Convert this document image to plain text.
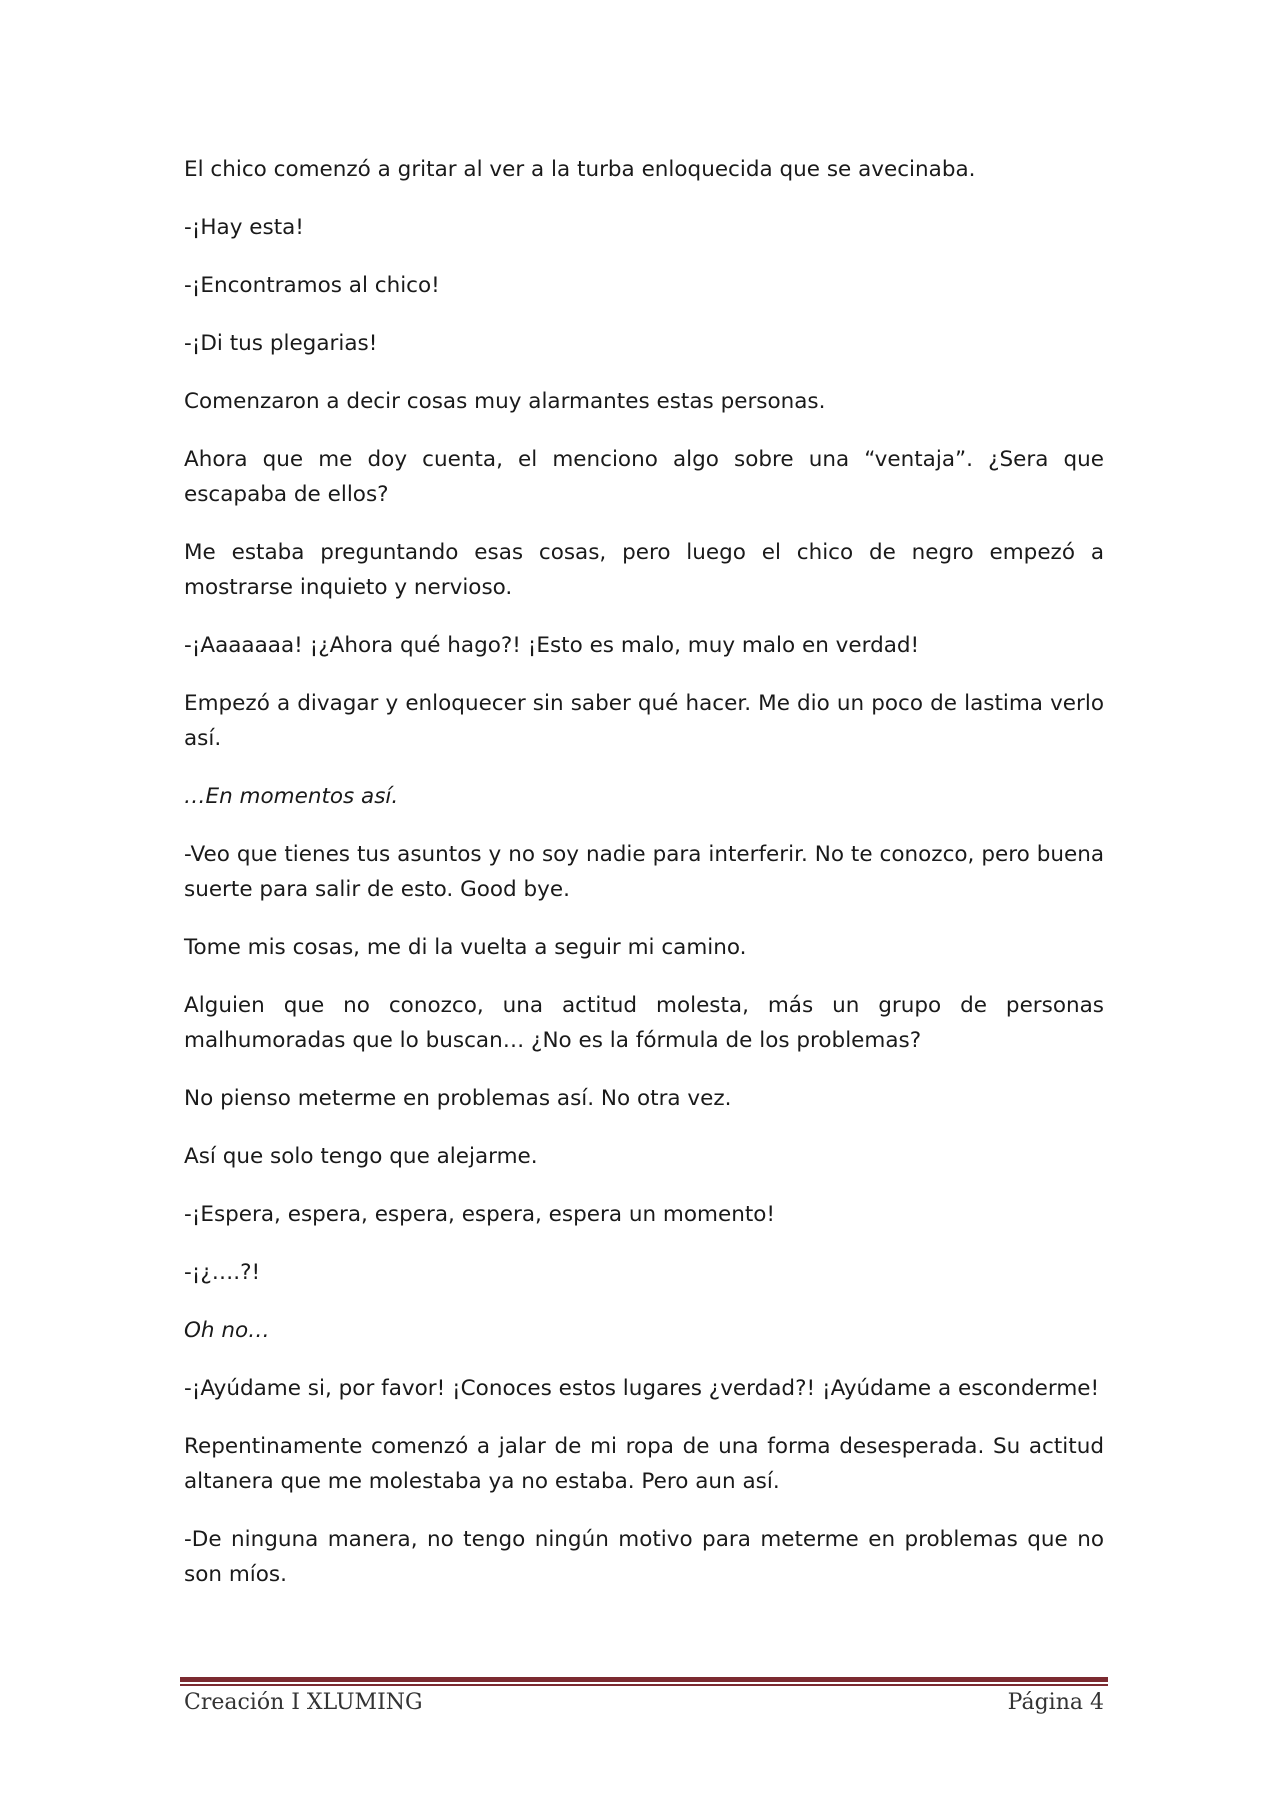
El chico comenzó a gritar al ver a la turba enloquecida que se avecinaba.

-¡Hay esta!

-¡Encontramos al chico!

-¡Di tus plegarias!

Comenzaron a decir cosas muy alarmantes estas personas.

Ahora que me doy cuenta, el menciono algo sobre una “ventaja”. ¿Sera que escapaba de ellos?

Me estaba preguntando esas cosas, pero luego el chico de negro empezó a mostrarse inquieto y nervioso.

-¡Aaaaaaa! ¡¿Ahora qué hago?! ¡Esto es malo, muy malo en verdad!

Empezó a divagar y enloquecer sin saber qué hacer. Me dio un poco de lastima verlo así.

…En momentos así.

-Veo que tienes tus asuntos y no soy nadie para interferir. No te conozco, pero buena suerte para salir de esto. Good bye.

Tome mis cosas, me di la vuelta a seguir mi camino.

Alguien que no conozco, una actitud molesta, más un grupo de personas malhumoradas que lo buscan… ¿No es la fórmula de los problemas?

No pienso meterme en problemas así. No otra vez.

Así que solo tengo que alejarme.

-¡Espera, espera, espera, espera, espera un momento!

-¡¿….?!

Oh no…

-¡Ayúdame si, por favor! ¡Conoces estos lugares ¿verdad?! ¡Ayúdame a esconderme!

Repentinamente comenzó a jalar de mi ropa de una forma desesperada. Su actitud altanera que me molestaba ya no estaba. Pero aun así.

-De ninguna manera, no tengo ningún motivo para meterme en problemas que no son míos.

Creación I XLUMING	Página 4
